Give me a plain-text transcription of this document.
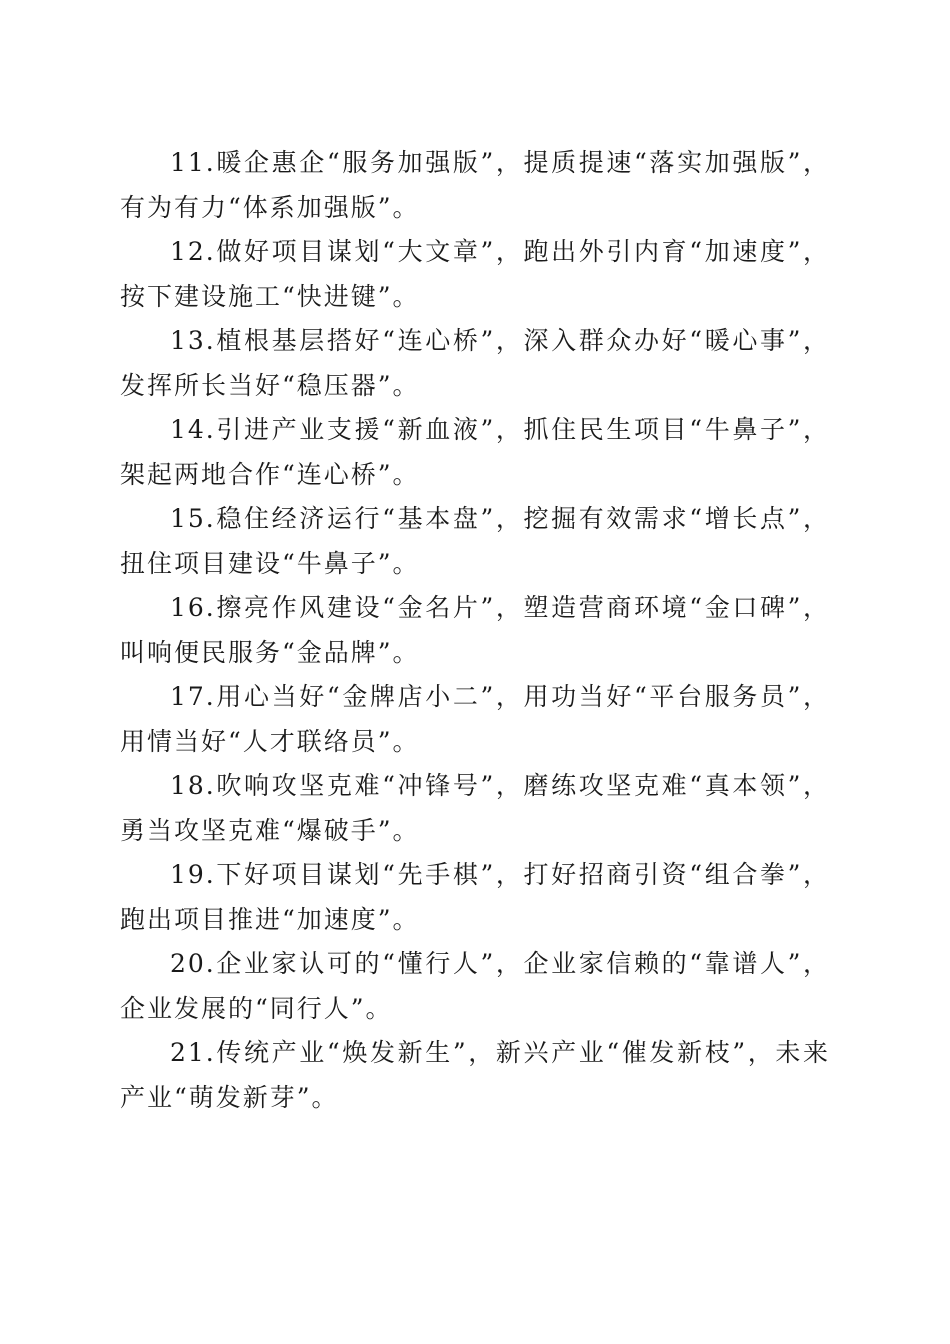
11.暖企惠企“服务加强版”，提质提速“落实加强版”，有为有力“体系加强版”。

12.做好项目谋划“大文章”，跑出外引内育“加速度”，按下建设施工“快进键”。

13.植根基层搭好“连心桥”，深入群众办好“暖心事”，发挥所长当好“稳压器”。

14.引进产业支援“新血液”，抓住民生项目“牛鼻子”，架起两地合作“连心桥”。

15.稳住经济运行“基本盘”，挖掘有效需求“增长点”，扭住项目建设“牛鼻子”。

16.擦亮作风建设“金名片”，塑造营商环境“金口碑”，叫响便民服务“金品牌”。

17.用心当好“金牌店小二”，用功当好“平台服务员”，用情当好“人才联络员”。

18.吹响攻坚克难“冲锋号”，磨练攻坚克难“真本领”，勇当攻坚克难“爆破手”。

19.下好项目谋划“先手棋”，打好招商引资“组合拳”，跑出项目推进“加速度”。

20.企业家认可的“懂行人”，企业家信赖的“靠谱人”，企业发展的“同行人”。

21.传统产业“焕发新生”，新兴产业“催发新枝”，未来产业“萌发新芽”。
